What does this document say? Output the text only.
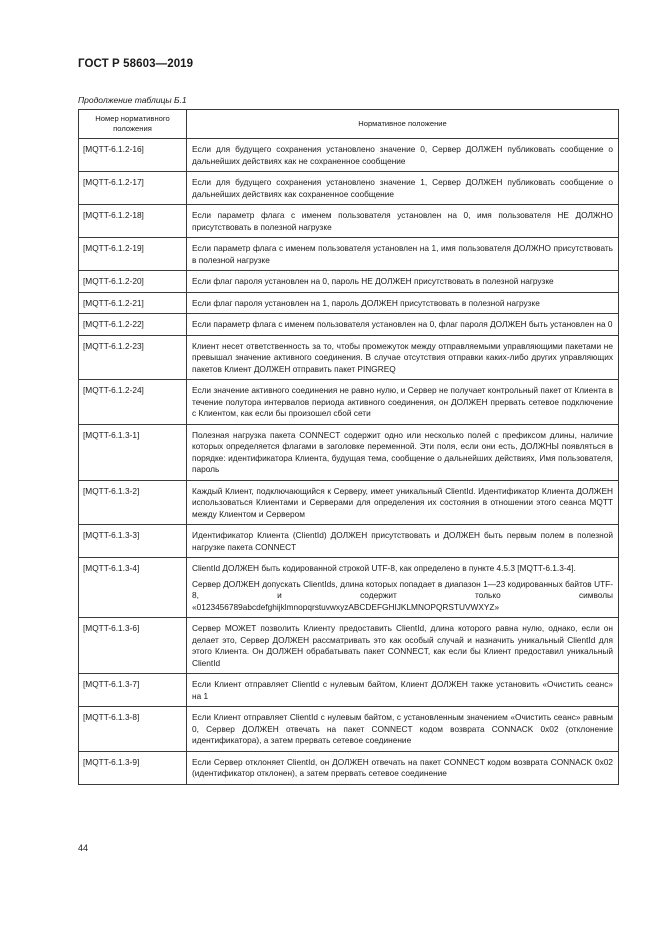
ГОСТ Р 58603—2019
Продолжение таблицы Б.1
Номер нормативного положения	Нормативное положение
[MQTT-6.1.2-16]	Если для будущего сохранения установлено значение 0, Сервер ДОЛЖЕН публиковать сообщение о дальнейших действиях как не сохраненное сообщение

[MQTT-6.1.2-17]	Если для будущего сохранения установлено значение 1, Сервер ДОЛЖЕН публиковать сообщение о дальнейших действиях как сохраненное сообщение

[MQTT-6.1.2-18]	Если параметр флага с именем пользователя установлен на 0, имя пользователя НЕ ДОЛЖНО присутствовать в полезной нагрузке

[MQTT-6.1.2-19]	Если параметр флага с именем пользователя установлен на 1, имя пользователя ДОЛЖНО присутствовать в полезной нагрузке

[MQTT-6.1.2-20]	Если флаг пароля установлен на 0, пароль НЕ ДОЛЖЕН присутствовать в полезной нагрузке

[MQTT-6.1.2-21]	Если флаг пароля установлен на 1, пароль ДОЛЖЕН присутствовать в полезной нагрузке

[MQTT-6.1.2-22]	Если параметр флага с именем пользователя установлен на 0, флаг пароля ДОЛЖЕН быть установлен на 0

[MQTT-6.1.2-23]	Клиент несет ответственность за то, чтобы промежуток между отправляемыми управляющими пакетами не превышал значение активного соединения. В случае отсутствия отправки каких-либо других управляющих пакетов Клиент ДОЛЖЕН отправить пакет PINGREQ

[MQTT-6.1.2-24]	Если значение активного соединения не равно нулю, и Сервер не получает контрольный пакет от Клиента в течение полутора интервалов периода активного соединения, он ДОЛЖЕН прервать сетевое подключение с Клиентом, как если бы произошел сбой сети

[MQTT-6.1.3-1]	Полезная нагрузка пакета CONNECT содержит одно или несколько полей с префиксом длины, наличие которых определяется флагами в заголовке переменной. Эти поля, если они есть, ДОЛЖНЫ появляться в порядке: идентификатора Клиента, будущая тема, сообщение о дальнейших действиях, Имя пользователя, пароль

[MQTT-6.1.3-2]	Каждый Клиент, подключающийся к Серверу, имеет уникальный ClientId. Идентификатор Клиента ДОЛЖЕН использоваться Клиентами и Серверами для определения их состояния в отношении этого сеанса MQTT между Клиентом и Сервером

[MQTT-6.1.3-3]	Идентификатор Клиента (ClientId) ДОЛЖЕН присутствовать и ДОЛЖЕН быть первым полем в полезной нагрузке пакета CONNECT

[MQTT-6.1.3-4]	ClientId ДОЛЖЕН быть кодированной строкой UTF-8, как определено в пункте 4.5.3 [MQTT-6.1.3-4].

Сервер ДОЛЖЕН допускать ClientIds, длина которых попадает в диапазон 1—23 кодированных байтов UTF-8, и содержит только символы «0123456789abcdefghijklmnopqrstuvwxyzABCDEFGHIJKLMNOPQRSTUVWXYZ»

[MQTT-6.1.3-6]	Сервер МОЖЕТ позволить Клиенту предоставить ClientId, длина которого равна нулю, однако, если он делает это, Сервер ДОЛЖЕН рассматривать это как особый случай и назначить уникальный ClientId для этого Клиента. Он ДОЛЖЕН обрабатывать пакет CONNECT, как если бы Клиент предоставил уникальный ClientId

[MQTT-6.1.3-7]	Если Клиент отправляет ClientId с нулевым байтом, Клиент ДОЛЖЕН также установить «Очистить сеанс» на 1

[MQTT-6.1.3-8]	Если Клиент отправляет ClientId с нулевым байтом, с установленным значением «Очистить сеанс» равным 0, Сервер ДОЛЖЕН отвечать на пакет CONNECT кодом возврата CONNACK 0x02 (отклонение идентификатора), а затем прервать сетевое соединение

[MQTT-6.1.3-9]	Если Сервер отклоняет ClientId, он ДОЛЖЕН отвечать на пакет CONNECT кодом возврата CONNACK 0x02 (идентификатор отклонен), а затем прервать сетевое соединение

44
